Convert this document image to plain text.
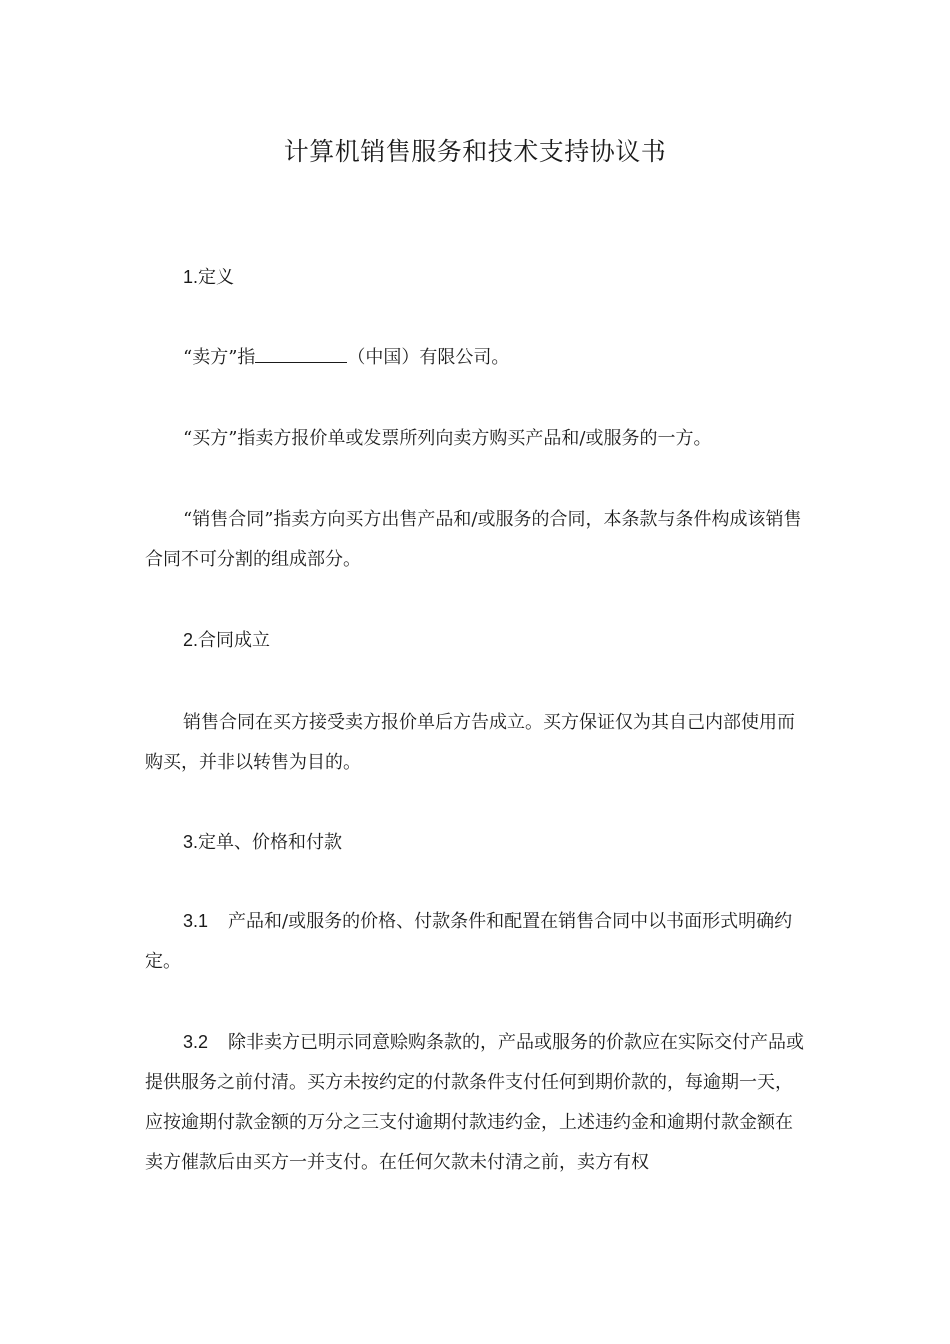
计算机销售服务和技术支持协议书

1.定义

“卖方”指	（中国）有限公司。

“买方”指卖方报价单或发票所列向卖方购买产品和/或服务的一方。

“销售合同”指卖方向买方出售产品和/或服务的合同，本条款与条件构成该销售合同不可分割的组成部分。

2.合同成立

销售合同在买方接受卖方报价单后方告成立。买方保证仅为其自己内部使用而购买，并非以转售为目的。

3.定单、价格和付款

3.1 产品和/或服务的价格、付款条件和配置在销售合同中以书面形式明确约定。

3.2 除非卖方已明示同意赊购条款的，产品或服务的价款应在实际交付产品或提供服务之前付清。买方未按约定的付款条件支付任何到期价款的，每逾期一天，应按逾期付款金额的万分之三支付逾期付款违约金，上述违约金和逾期付款金额在卖方催款后由买方一并支付。在任何欠款未付清之前，卖方有权
